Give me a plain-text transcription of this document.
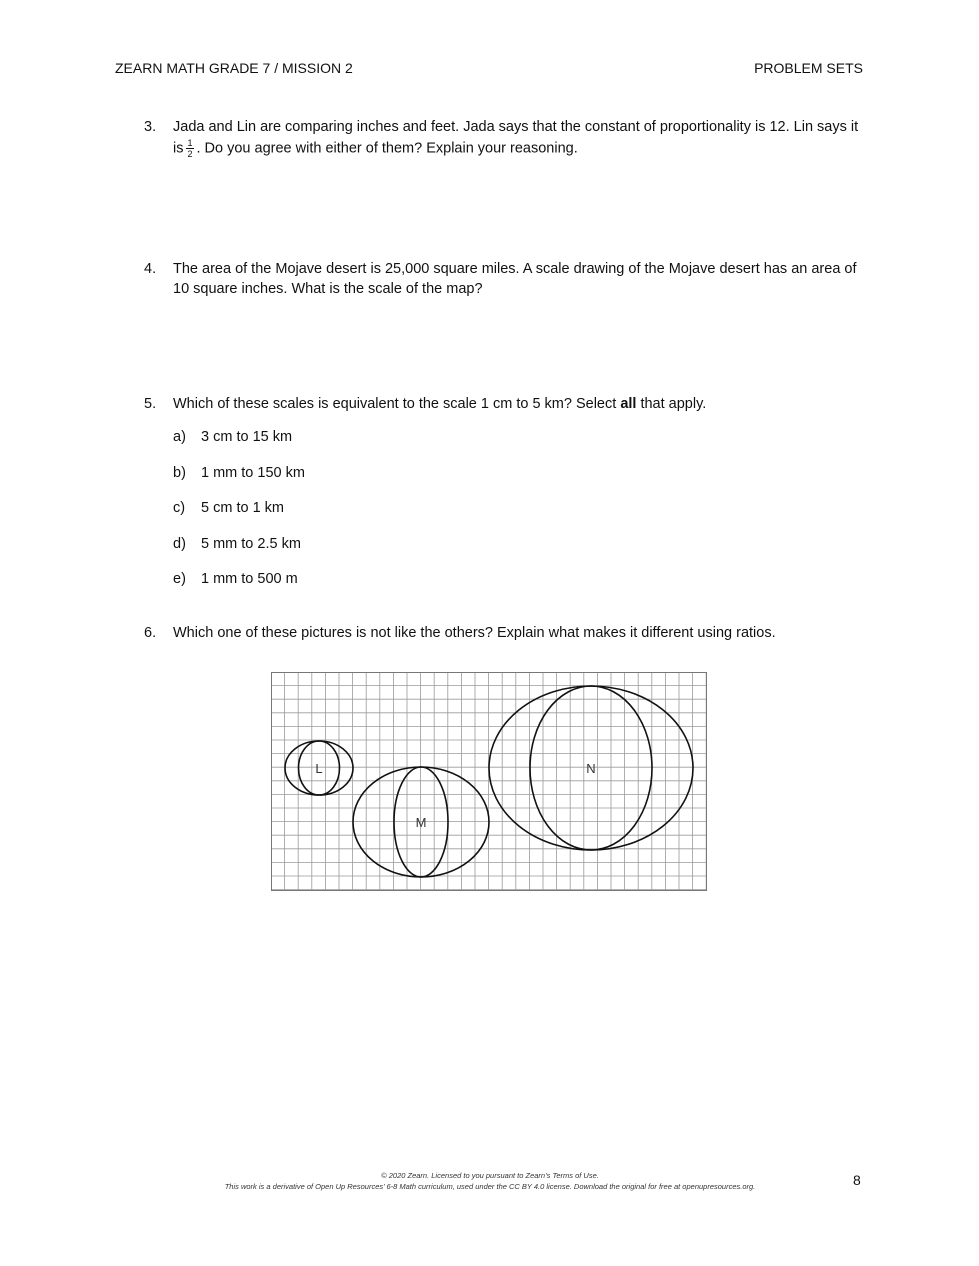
ZEARN MATH GRADE 7 / MISSION 2	PROBLEM SETS
3. Jada and Lin are comparing inches and feet. Jada says that the constant of proportionality is 12. Lin says it
is $\frac{1}{2}$ . Do you agree with either of them? Explain your reasoning.
4. The area of the Mojave desert is 25,000 square miles. A scale drawing of the Mojave desert has an area of 10 square inches. What is the scale of the map?
5. Which of these scales is equivalent to the scale 1 cm to 5 km? Select all that apply.
a) 3 cm to 15 km
b) 1 mm to 150 km
c) 5 cm to 1 km
d) 5 mm to 2.5 km
e) 1 mm to 500 m
6. Which one of these pictures is not like the others? Explain what makes it different using ratios.
L
M
N
© 2020 Zearn. Licensed to you pursuant to Zearn’s Terms of Use.
This work is a derivative of Open Up Resources’ 6-8 Math curriculum, used under the CC BY 4.0 license. Download the original for free at openupresources.org.	8
